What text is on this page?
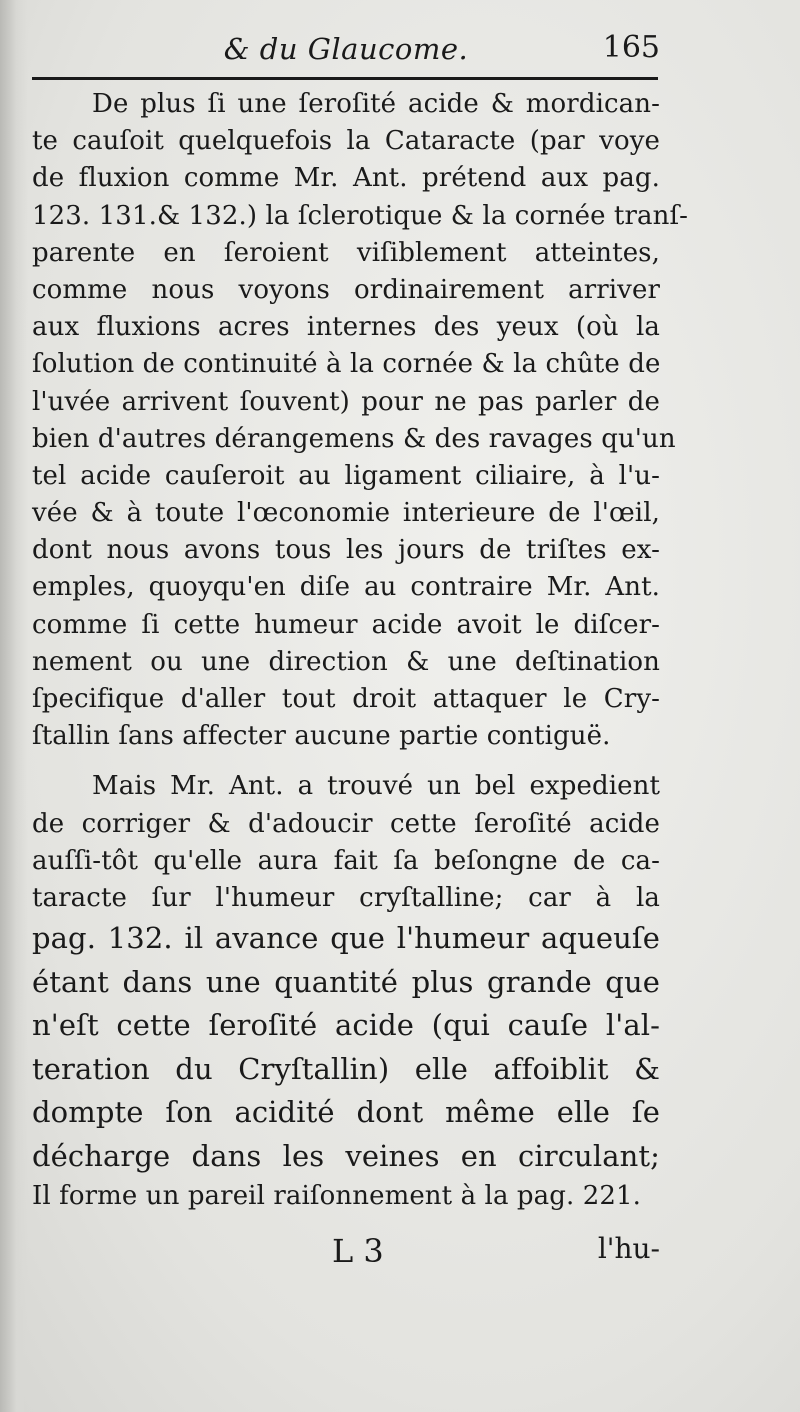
& du Glaucome.	165
De plus ſi une ſeroſité acide & mordican-
te cauſoit quelquefois la Cataracte (par voye
de fluxion comme Mr. Ant. prétend aux pag.
123. 131.& 132.) la ſclerotique & la cornée tranſ-
parente en ſeroient viſiblement atteintes,
comme nous voyons ordinairement arriver
aux fluxions acres internes des yeux (où la
ſolution de continuité à la cornée & la chûte de
l'uvée arrivent ſouvent) pour ne pas parler de
bien d'autres dérangemens & des ravages qu'un
tel acide cauſeroit au ligament ciliaire, à l'u-
vée & à toute l'œconomie interieure de l'œil,
dont nous avons tous les jours de triſtes ex-
emples, quoyqu'en diſe au contraire Mr. Ant.
comme ſi cette humeur acide avoit le diſcer-
nement ou une direction & une deſtination
ſpecifique d'aller tout droit attaquer le Cry-
ſtallin ſans affecter aucune partie contiguë.
Mais Mr. Ant. a trouvé un bel expedient
de corriger & d'adoucir cette ſeroſité acide
auſſi-tôt qu'elle aura fait ſa beſongne de ca-
taracte ſur l'humeur cryſtalline; car à la
pag. 132. il avance que l'humeur aqueuſe
étant dans une quantité plus grande que
n'eſt cette ſeroſité acide (qui cauſe l'al-
teration du Cryſtallin) elle affoiblit &
dompte ſon acidité dont même elle ſe
décharge dans les veines en circulant;
Il forme un pareil raiſonnement à la pag. 221.
L 3	l'hu-
